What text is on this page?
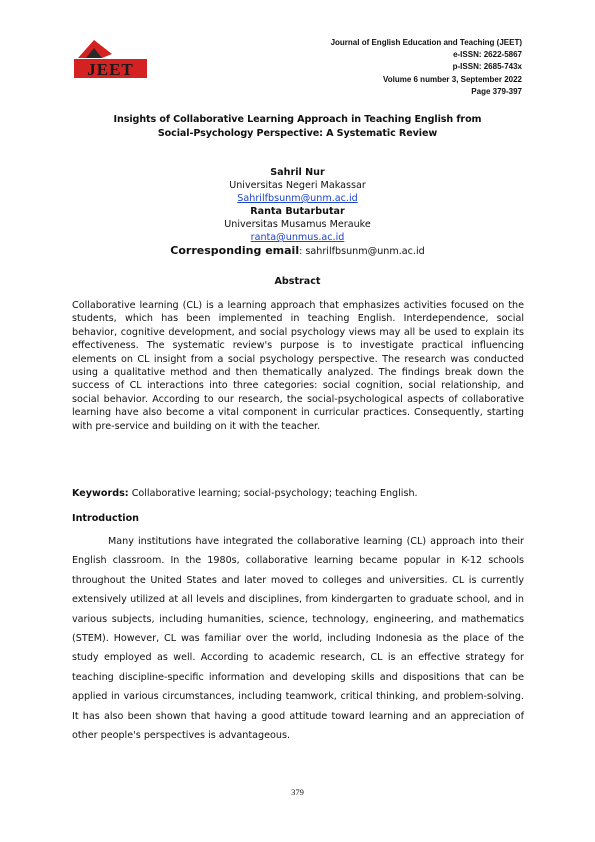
JEET
Journal of English Education and Teaching (JEET)
e-ISSN: 2622-5867
p-ISSN: 2685-743x
Volume 6 number 3, September 2022
Page 379-397
Insights of Collaborative Learning Approach in Teaching English from
Social-Psychology Perspective: A Systematic Review
Sahril Nur
Universitas Negeri Makassar
Sahrilfbsunm@unm.ac.id
Ranta Butarbutar
Universitas Musamus Merauke
ranta@unmus.ac.id
Corresponding email: sahrilfbsunm@unm.ac.id
Abstract
Collaborative learning (CL) is a learning approach that emphasizes activities focused on the students, which has been implemented in teaching English. Interdependence, social behavior, cognitive development, and social psychology views may all be used to explain its effectiveness. The systematic review's purpose is to investigate practical influencing elements on CL insight from a social psychology perspective. The research was conducted using a qualitative method and then thematically analyzed. The findings break down the success of CL interactions into three categories: social cognition, social relationship, and social behavior. According to our research, the social-psychological aspects of collaborative learning have also become a vital component in curricular practices. Consequently, starting with pre-service and building on it with the teacher.
Keywords: Collaborative learning; social-psychology; teaching English.
Introduction
Many institutions have integrated the collaborative learning (CL) approach into their English classroom. In the 1980s, collaborative learning became popular in K-12 schools throughout the United States and later moved to colleges and universities. CL is currently extensively utilized at all levels and disciplines, from kindergarten to graduate school, and in various subjects, including humanities, science, technology, engineering, and mathematics (STEM). However, CL was familiar over the world, including Indonesia as the place of the study employed as well. According to academic research, CL is an effective strategy for teaching discipline-specific information and developing skills and dispositions that can be applied in various circumstances, including teamwork, critical thinking, and problem-solving. It has also been shown that having a good attitude toward learning and an appreciation of other people's perspectives is advantageous.
379
